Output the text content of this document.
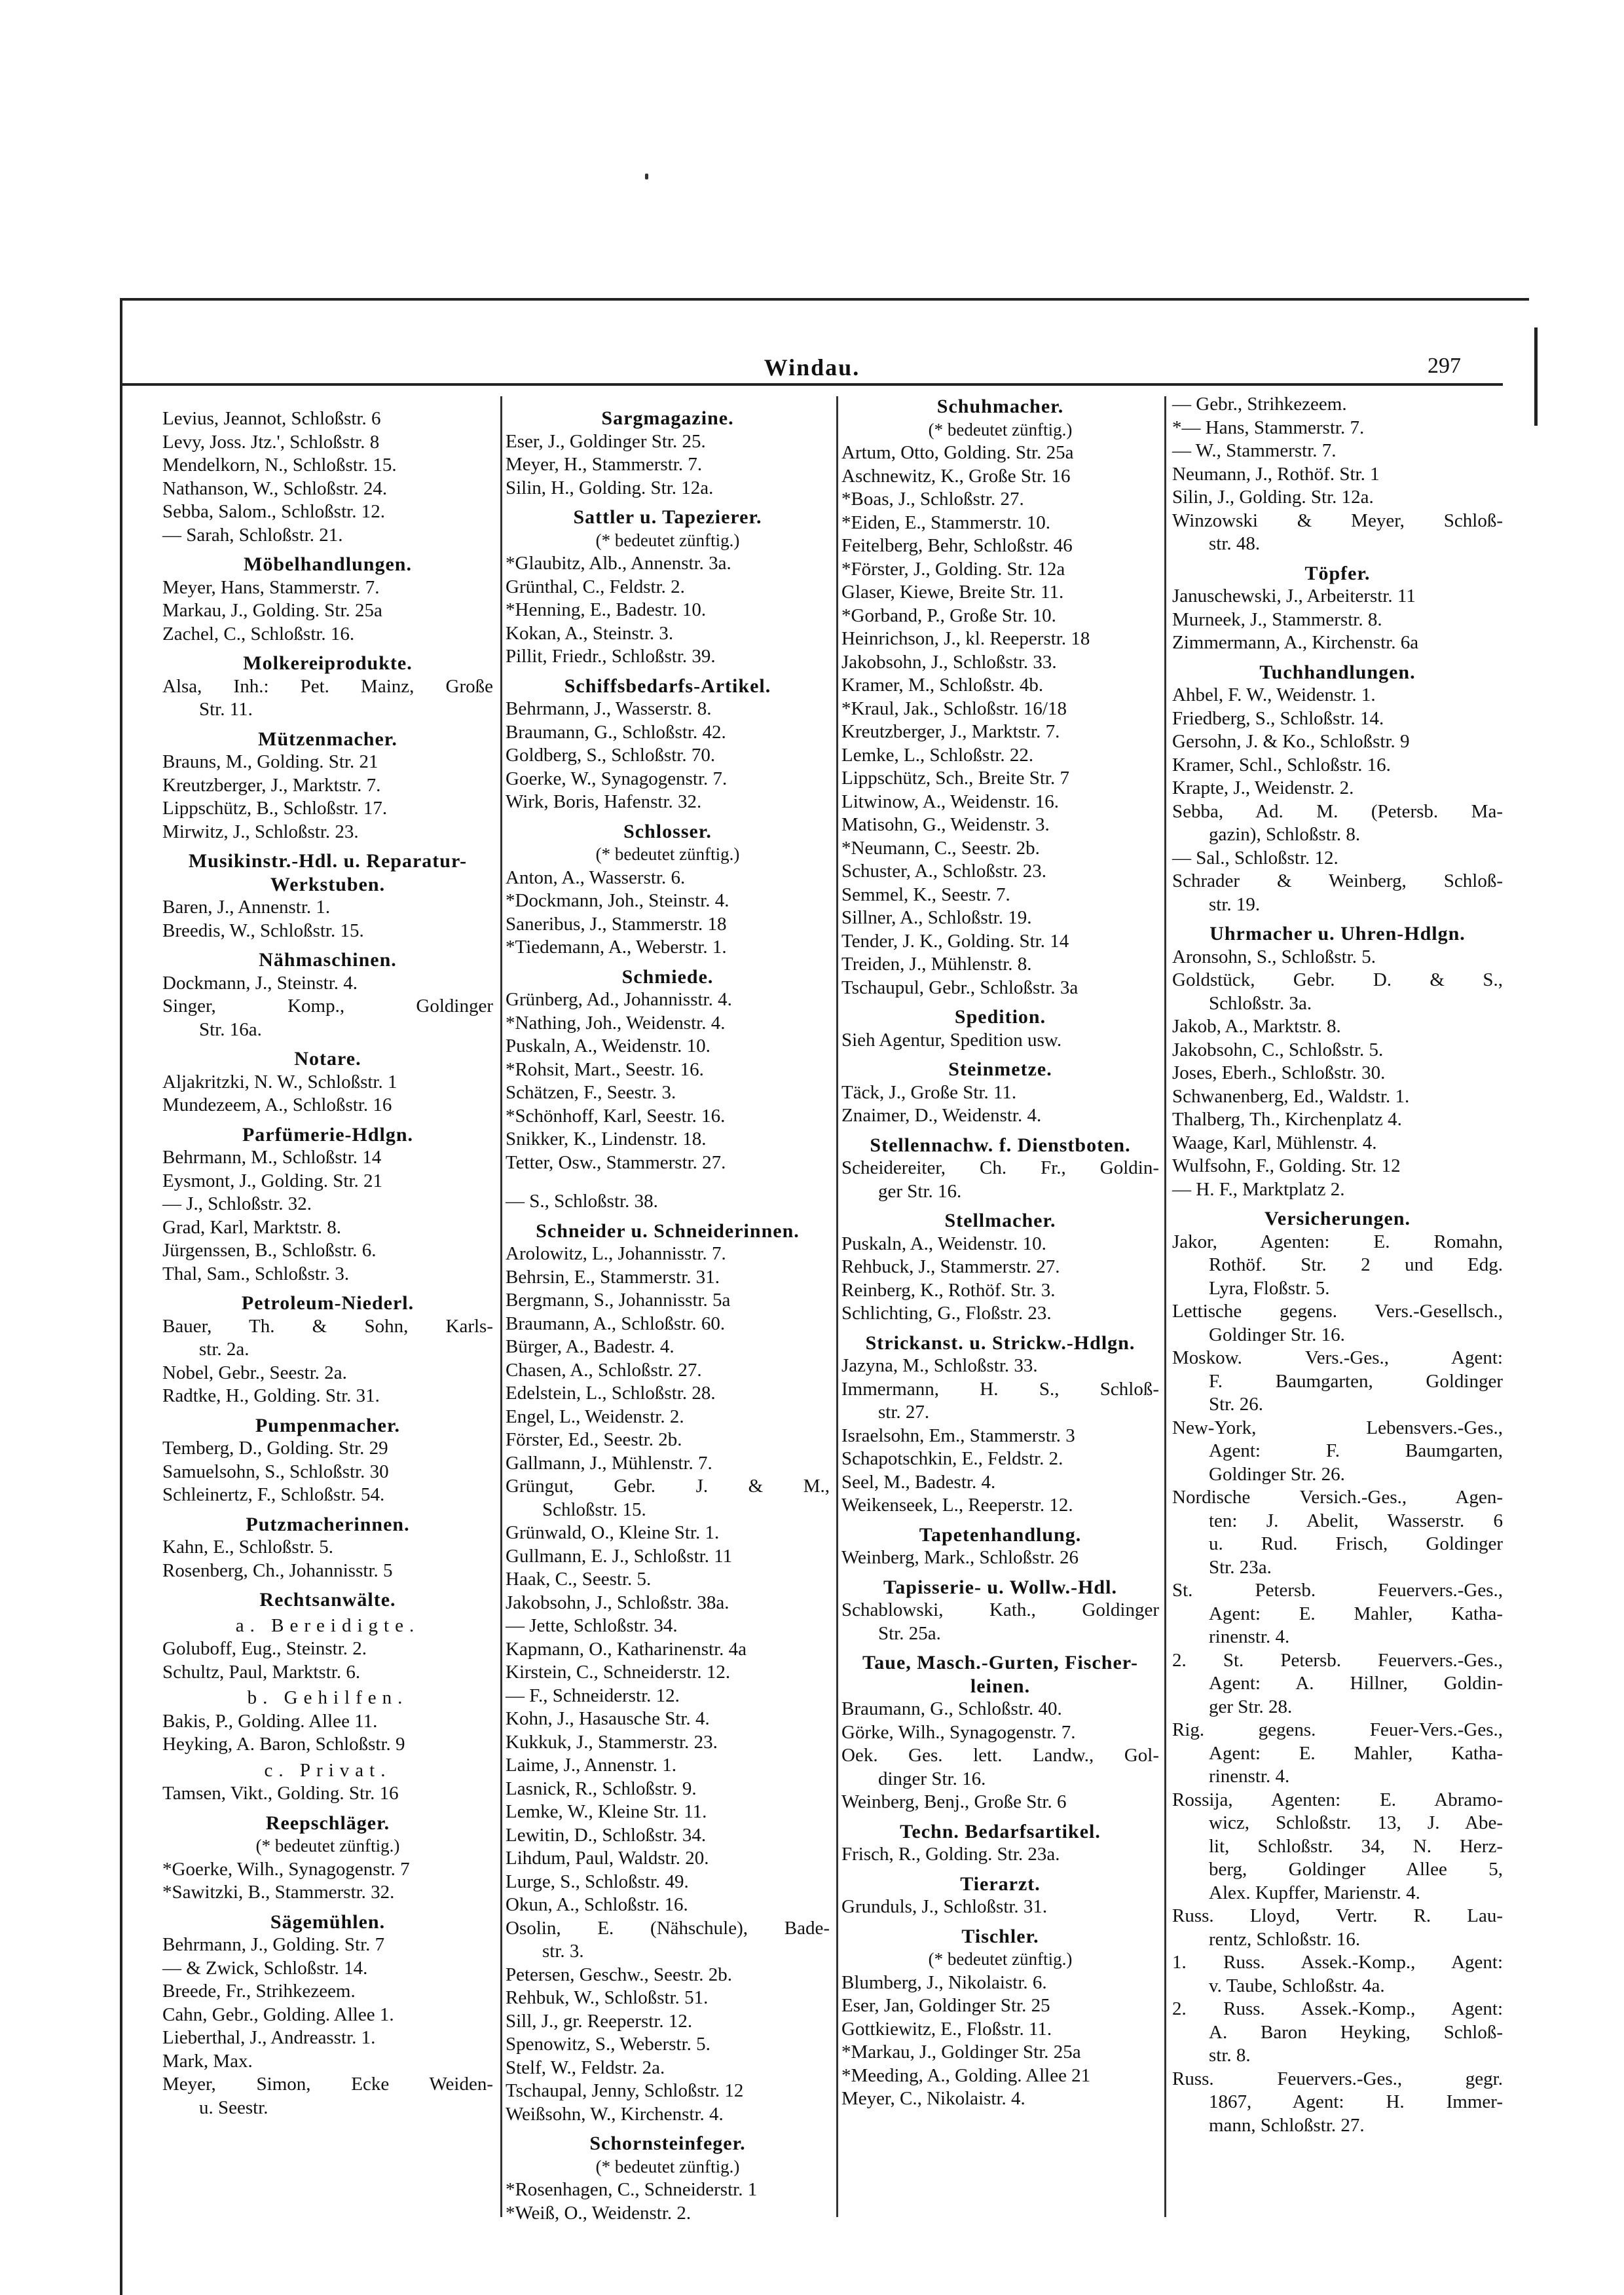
Windau.	297
Levius, Jeannot, Schloßstr. 6
Levy, Joss. Jtz.', Schloßstr. 8
Mendelkorn, N., Schloßstr. 15.
Nathanson, W., Schloßstr. 24.
Sebba, Salom., Schloßstr. 12.
— Sarah, Schloßstr. 21.
Möbelhandlungen.
Meyer, Hans, Stammerstr. 7.
Markau, J., Golding. Str. 25a
Zachel, C., Schloßstr. 16.
Molkereiprodukte.
Alsa, Inh.: Pet. Mainz, Große
Str. 11.
Mützenmacher.
Brauns, M., Golding. Str. 21
Kreutzberger, J., Marktstr. 7.
Lippschütz, B., Schloßstr. 17.
Mirwitz, J., Schloßstr. 23.
Musikinstr.-Hdl. u. Reparatur-
Werkstuben.
Baren, J., Annenstr. 1.
Breedis, W., Schloßstr. 15.
Nähmaschinen.
Dockmann, J., Steinstr. 4.
Singer, Komp., Goldinger
Str. 16a.
Notare.
Aljakritzki, N. W., Schloßstr. 1
Mundezeem, A., Schloßstr. 16
Parfümerie-Hdlgn.
Behrmann, M., Schloßstr. 14
Eysmont, J., Golding. Str. 21
— J., Schloßstr. 32.
Grad, Karl, Marktstr. 8.
Jürgenssen, B., Schloßstr. 6.
Thal, Sam., Schloßstr. 3.
Petroleum-Niederl.
Bauer, Th. & Sohn, Karls-
str. 2a.
Nobel, Gebr., Seestr. 2a.
Radtke, H., Golding. Str. 31.
Pumpenmacher.
Temberg, D., Golding. Str. 29
Samuelsohn, S., Schloßstr. 30
Schleinertz, F., Schloßstr. 54.
Putzmacherinnen.
Kahn, E., Schloßstr. 5.
Rosenberg, Ch., Johannisstr. 5
Rechtsanwälte.
a. Bereidigte.
Goluboff, Eug., Steinstr. 2.
Schultz, Paul, Marktstr. 6.
b. Gehilfen.
Bakis, P., Golding. Allee 11.
Heyking, A. Baron, Schloßstr. 9
c. Privat.
Tamsen, Vikt., Golding. Str. 16
Reepschläger.
(* bedeutet zünftig.)
*Goerke, Wilh., Synagogenstr. 7
*Sawitzki, B., Stammerstr. 32.
Sägemühlen.
Behrmann, J., Golding. Str. 7
— & Zwick, Schloßstr. 14.
Breede, Fr., Strihkezeem.
Cahn, Gebr., Golding. Allee 1.
Lieberthal, J., Andreasstr. 1.
Mark, Max.
Meyer, Simon, Ecke Weiden-
u. Seestr.
Sargmagazine.
Eser, J., Goldinger Str. 25.
Meyer, H., Stammerstr. 7.
Silin, H., Golding. Str. 12a.
Sattler u. Tapezierer.
(* bedeutet zünftig.)
*Glaubitz, Alb., Annenstr. 3a.
Grünthal, C., Feldstr. 2.
*Henning, E., Badestr. 10.
Kokan, A., Steinstr. 3.
Pillit, Friedr., Schloßstr. 39.
Schiffsbedarfs-Artikel.
Behrmann, J., Wasserstr. 8.
Braumann, G., Schloßstr. 42.
Goldberg, S., Schloßstr. 70.
Goerke, W., Synagogenstr. 7.
Wirk, Boris, Hafenstr. 32.
Schlosser.
(* bedeutet zünftig.)
Anton, A., Wasserstr. 6.
*Dockmann, Joh., Steinstr. 4.
Saneribus, J., Stammerstr. 18
*Tiedemann, A., Weberstr. 1.
Schmiede.
Grünberg, Ad., Johannisstr. 4.
*Nathing, Joh., Weidenstr. 4.
Puskaln, A., Weidenstr. 10.
*Rohsit, Mart., Seestr. 16.
Schätzen, F., Seestr. 3.
*Schönhoff, Karl, Seestr. 16.
Snikker, K., Lindenstr. 18.
Tetter, Osw., Stammerstr. 27.
— S., Schloßstr. 38.
Schneider u. Schneiderinnen.
Arolowitz, L., Johannisstr. 7.
Behrsin, E., Stammerstr. 31.
Bergmann, S., Johannisstr. 5a
Braumann, A., Schloßstr. 60.
Bürger, A., Badestr. 4.
Chasen, A., Schloßstr. 27.
Edelstein, L., Schloßstr. 28.
Engel, L., Weidenstr. 2.
Förster, Ed., Seestr. 2b.
Gallmann, J., Mühlenstr. 7.
Grüngut, Gebr. J. & M.,
Schloßstr. 15.
Grünwald, O., Kleine Str. 1.
Gullmann, E. J., Schloßstr. 11
Haak, C., Seestr. 5.
Jakobsohn, J., Schloßstr. 38a.
— Jette, Schloßstr. 34.
Kapmann, O., Katharinenstr. 4a
Kirstein, C., Schneiderstr. 12.
— F., Schneiderstr. 12.
Kohn, J., Hasausche Str. 4.
Kukkuk, J., Stammerstr. 23.
Laime, J., Annenstr. 1.
Lasnick, R., Schloßstr. 9.
Lemke, W., Kleine Str. 11.
Lewitin, D., Schloßstr. 34.
Lihdum, Paul, Waldstr. 20.
Lurge, S., Schloßstr. 49.
Okun, A., Schloßstr. 16.
Osolin, E. (Nähschule), Bade-
str. 3.
Petersen, Geschw., Seestr. 2b.
Rehbuk, W., Schloßstr. 51.
Sill, J., gr. Reeperstr. 12.
Spenowitz, S., Weberstr. 5.
Stelf, W., Feldstr. 2a.
Tschaupal, Jenny, Schloßstr. 12
Weißsohn, W., Kirchenstr. 4.
Schornsteinfeger.
(* bedeutet zünftig.)
*Rosenhagen, C., Schneiderstr. 1
*Weiß, O., Weidenstr. 2.
Schuhmacher.
(* bedeutet zünftig.)
Artum, Otto, Golding. Str. 25a
Aschnewitz, K., Große Str. 16
*Boas, J., Schloßstr. 27.
*Eiden, E., Stammerstr. 10.
Feitelberg, Behr, Schloßstr. 46
*Förster, J., Golding. Str. 12a
Glaser, Kiewe, Breite Str. 11.
*Gorband, P., Große Str. 10.
Heinrichson, J., kl. Reeperstr. 18
Jakobsohn, J., Schloßstr. 33.
Kramer, M., Schloßstr. 4b.
*Kraul, Jak., Schloßstr. 16/18
Kreutzberger, J., Marktstr. 7.
Lemke, L., Schloßstr. 22.
Lippschütz, Sch., Breite Str. 7
Litwinow, A., Weidenstr. 16.
Matisohn, G., Weidenstr. 3.
*Neumann, C., Seestr. 2b.
Schuster, A., Schloßstr. 23.
Semmel, K., Seestr. 7.
Sillner, A., Schloßstr. 19.
Tender, J. K., Golding. Str. 14
Treiden, J., Mühlenstr. 8.
Tschaupul, Gebr., Schloßstr. 3a
Spedition.
Sieh Agentur, Spedition usw.
Steinmetze.
Täck, J., Große Str. 11.
Znaimer, D., Weidenstr. 4.
Stellennachw. f. Dienstboten.
Scheidereiter, Ch. Fr., Goldin-
ger Str. 16.
Stellmacher.
Puskaln, A., Weidenstr. 10.
Rehbuck, J., Stammerstr. 27.
Reinberg, K., Rothöf. Str. 3.
Schlichting, G., Floßstr. 23.
Strickanst. u. Strickw.-Hdlgn.
Jazyna, M., Schloßstr. 33.
Immermann, H. S., Schloß-
str. 27.
Israelsohn, Em., Stammerstr. 3
Schapotschkin, E., Feldstr. 2.
Seel, M., Badestr. 4.
Weikenseek, L., Reeperstr. 12.
Tapetenhandlung.
Weinberg, Mark., Schloßstr. 26
Tapisserie- u. Wollw.-Hdl.
Schablowski, Kath., Goldinger
Str. 25a.
Taue, Masch.-Gurten, Fischer-
leinen.
Braumann, G., Schloßstr. 40.
Görke, Wilh., Synagogenstr. 7.
Oek. Ges. lett. Landw., Gol-
dinger Str. 16.
Weinberg, Benj., Große Str. 6
Techn. Bedarfsartikel.
Frisch, R., Golding. Str. 23a.
Tierarzt.
Grunduls, J., Schloßstr. 31.
Tischler.
(* bedeutet zünftig.)
Blumberg, J., Nikolaistr. 6.
Eser, Jan, Goldinger Str. 25
Gottkiewitz, E., Floßstr. 11.
*Markau, J., Goldinger Str. 25a
*Meeding, A., Golding. Allee 21
Meyer, C., Nikolaistr. 4.
— Gebr., Strihkezeem.
*— Hans, Stammerstr. 7.
— W., Stammerstr. 7.
Neumann, J., Rothöf. Str. 1
Silin, J., Golding. Str. 12a.
Winzowski & Meyer, Schloß-
str. 48.
Töpfer.
Januschewski, J., Arbeiterstr. 11
Murneek, J., Stammerstr. 8.
Zimmermann, A., Kirchenstr. 6a
Tuchhandlungen.
Ahbel, F. W., Weidenstr. 1.
Friedberg, S., Schloßstr. 14.
Gersohn, J. & Ko., Schloßstr. 9
Kramer, Schl., Schloßstr. 16.
Krapte, J., Weidenstr. 2.
Sebba, Ad. M. (Petersb. Ma-
gazin), Schloßstr. 8.
— Sal., Schloßstr. 12.
Schrader & Weinberg, Schloß-
str. 19.
Uhrmacher u. Uhren-Hdlgn.
Aronsohn, S., Schloßstr. 5.
Goldstück, Gebr. D. & S.,
Schloßstr. 3a.
Jakob, A., Marktstr. 8.
Jakobsohn, C., Schloßstr. 5.
Joses, Eberh., Schloßstr. 30.
Schwanenberg, Ed., Waldstr. 1.
Thalberg, Th., Kirchenplatz 4.
Waage, Karl, Mühlenstr. 4.
Wulfsohn, F., Golding. Str. 12
— H. F., Marktplatz 2.
Versicherungen.
Jakor, Agenten: E. Romahn,
Rothöf. Str. 2 und Edg.
Lyra, Floßstr. 5.
Lettische gegens. Vers.-Gesellsch.,
Goldinger Str. 16.
Moskow. Vers.-Ges., Agent:
F. Baumgarten, Goldinger
Str. 26.
New-York, Lebensvers.-Ges.,
Agent: F. Baumgarten,
Goldinger Str. 26.
Nordische Versich.-Ges., Agen-
ten: J. Abelit, Wasserstr. 6
u. Rud. Frisch, Goldinger
Str. 23a.
St. Petersb. Feuervers.-Ges.,
Agent: E. Mahler, Katha-
rinenstr. 4.
2. St. Petersb. Feuervers.-Ges.,
Agent: A. Hillner, Goldin-
ger Str. 28.
Rig. gegens. Feuer-Vers.-Ges.,
Agent: E. Mahler, Katha-
rinenstr. 4.
Rossija, Agenten: E. Abramo-
wicz, Schloßstr. 13, J. Abe-
lit, Schloßstr. 34, N. Herz-
berg, Goldinger Allee 5,
Alex. Kupffer, Marienstr. 4.
Russ. Lloyd, Vertr. R. Lau-
rentz, Schloßstr. 16.
1. Russ. Assek.-Komp., Agent:
v. Taube, Schloßstr. 4a.
2. Russ. Assek.-Komp., Agent:
A. Baron Heyking, Schloß-
str. 8.
Russ. Feuervers.-Ges., gegr.
1867, Agent: H. Immer-
mann, Schloßstr. 27.
